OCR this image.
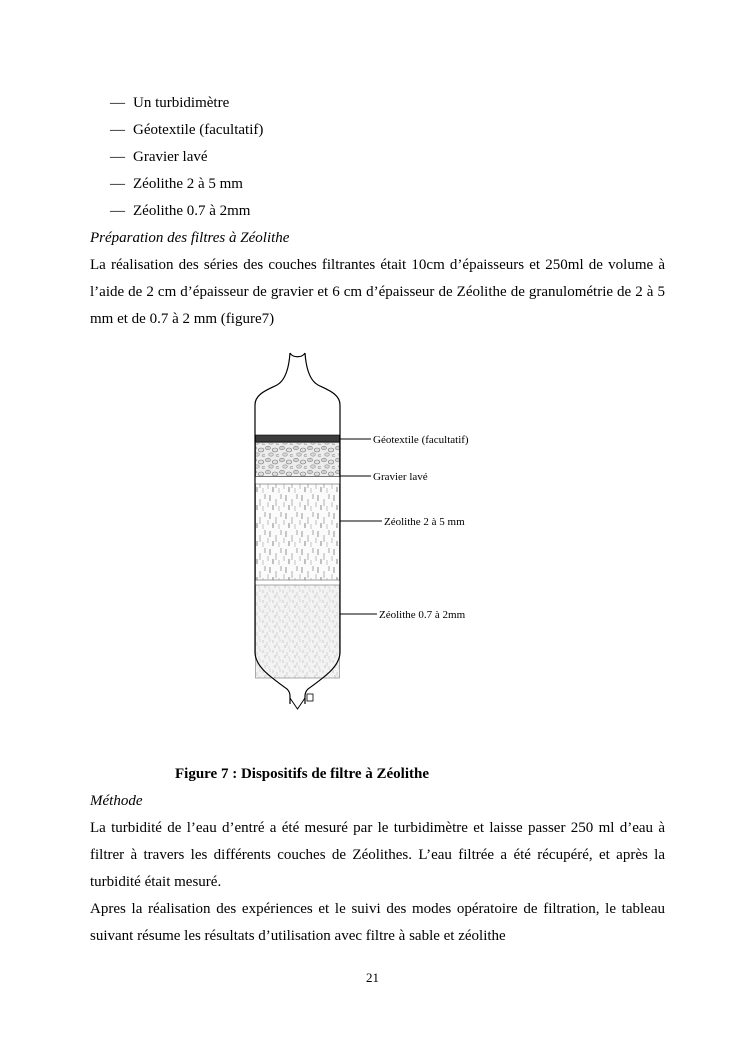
— Un turbidimètre
— Géotextile (facultatif)
— Gravier lavé
— Zéolithe 2 à 5 mm
— Zéolithe 0.7 à 2mm
Préparation des filtres à Zéolithe

La réalisation des séries des couches filtrantes était 10cm d’épaisseurs et 250ml de volume à l’aide de 2 cm d’épaisseur de gravier et 6 cm d’épaisseur de Zéolithe de granulométrie de 2 à 5 mm et de 0.7 à 2 mm (figure7)

Géotextile (facultatif)
Gravier lavé
Zéolithe 2 à 5 mm
Zéolithe 0.7 à 2mm
Figure 7 : Dispositifs de filtre à Zéolithe
Méthode

La turbidité de l’eau d’entré a été mesuré par le turbidimètre et laisse passer 250 ml d’eau à filtrer à travers les différents couches de Zéolithes. L’eau filtrée a été récupéré, et après la turbidité était mesuré.

Apres la réalisation des expériences et le suivi des modes opératoire de filtration, le tableau suivant résume les résultats d’utilisation avec filtre à sable et zéolithe

21
